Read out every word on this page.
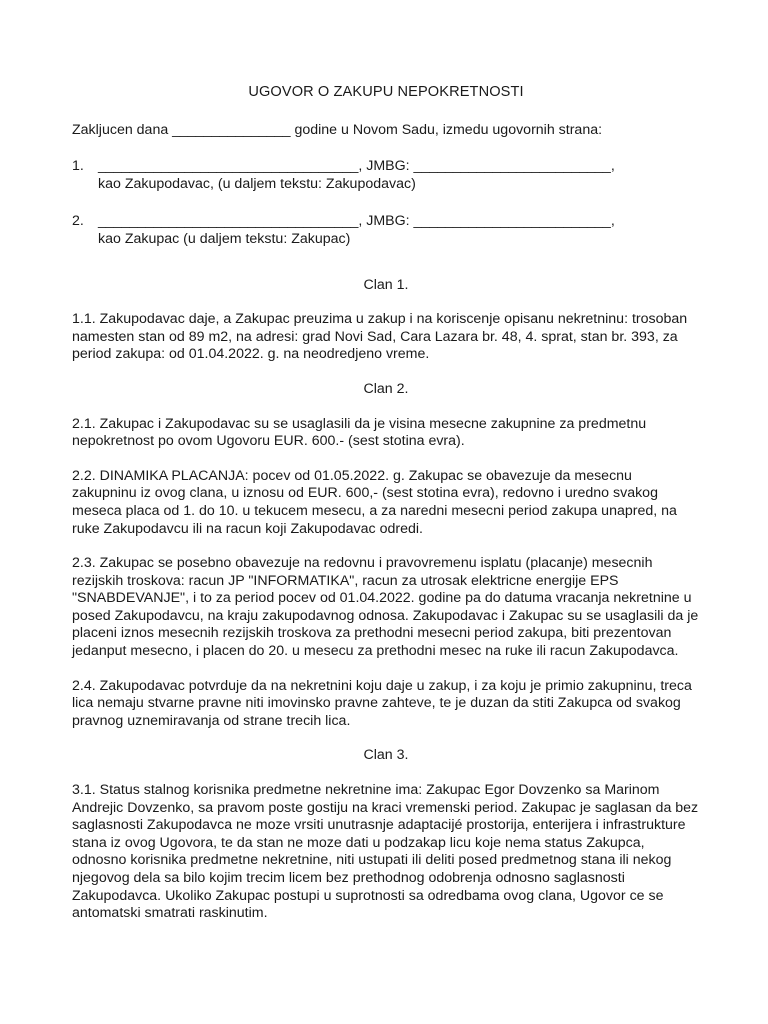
UGOVOR O ZAKUPU NEPOKRETNOSTI
Zakljucen dana _______________ godine u Novom Sadu, izmedu ugovornih strana:
1. _________________________________, JMBG: _________________________,
kao Zakupodavac, (u daljem tekstu: Zakupodavac)
2. _________________________________, JMBG: _________________________,
kao Zakupac (u daljem tekstu: Zakupac)
Clan 1.
1.1. Zakupodavac daje, a Zakupac preuzima u zakup i na koriscenje opisanu nekretninu: trosoban namesten stan od 89 m2, na adresi: grad Novi Sad, Cara Lazara br. 48, 4. sprat, stan br. 393, za period zakupa: od 01.04.2022. g. na neodredjeno vreme.
Clan 2.
2.1. Zakupac i Zakupodavac su se usaglasili da je visina mesecne zakupnine za predmetnu nepokretnost po ovom Ugovoru EUR. 600.- (sest stotina evra).
2.2. DINAMIKA PLACANJA: pocev od 01.05.2022. g. Zakupac se obavezuje da mesecnu zakupninu iz ovog clana, u iznosu od EUR. 600,- (sest stotina evra), redovno i uredno svakog meseca placa od 1. do 10. u tekucem mesecu, a za naredni mesecni period zakupa unapred, na ruke Zakupodavcu ili na racun koji Zakupodavac odredi.
2.3. Zakupac se posebno obavezuje na redovnu i pravovremenu isplatu (placanje) mesecnih rezijskih troskova: racun JP "INFORMATIKA", racun za utrosak elektricne energije EPS "SNABDEVANJE", i to za period pocev od 01.04.2022. godine pa do datuma vracanja nekretnine u posed Zakupodavcu, na kraju zakupodavnog odnosa. Zakupodavac i Zakupac su se usaglasili da je placeni iznos mesecnih rezijskih troskova za prethodni mesecni period zakupa, biti prezentovan jedanput mesecno, i placen do 20. u mesecu za prethodni mesec na ruke ili racun Zakupodavca.
2.4. Zakupodavac potvrduje da na nekretnini koju daje u zakup, i za koju je primio zakupninu, treca lica nemaju stvarne pravne niti imovinsko pravne zahteve, te je duzan da stiti Zakupca od svakog pravnog uznemiravanja od strane trecih lica.
Clan 3.
3.1. Status stalnog korisnika predmetne nekretnine ima: Zakupac Egor Dovzenko sa Marinom Andrejic Dovzenko, sa pravom poste gostiju na kraci vremenski period. Zakupac je saglasan da bez saglasnosti Zakupodavca ne moze vrsiti unutrasnje adaptacijé prostorija, enterijera i infrastrukture stana iz ovog Ugovora, te da stan ne moze dati u podzakap licu koje nema status Zakupca, odnosno korisnika predmetne nekretnine, niti ustupati ili deliti posed predmetnog stana ili nekog njegovog dela sa bilo kojim trecim licem bez prethodnog odobrenja odnosno saglasnosti Zakupodavca. Ukoliko Zakupac postupi u suprotnosti sa odredbama ovog clana, Ugovor ce se antomatski smatrati raskinutim.
